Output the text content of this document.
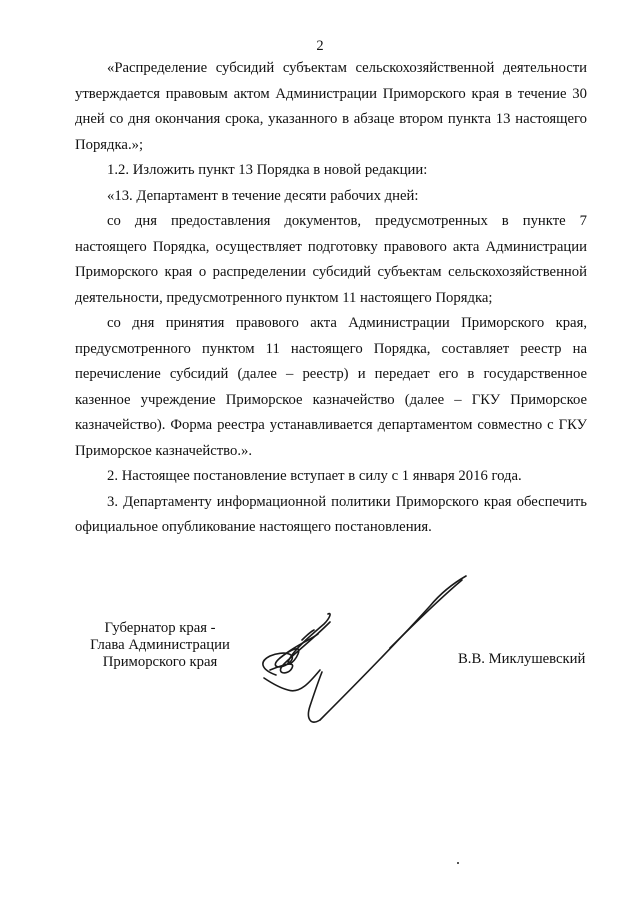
2

«Распределение субсидий субъектам сельскохозяйственной деятельности утверждается правовым актом Администрации Приморского края в течение 30 дней со дня окончания срока, указанного в абзаце втором пункта 13 настоящего Порядка.»;

1.2. Изложить пункт 13 Порядка в новой редакции:

«13. Департамент в течение десяти рабочих дней:

со дня предоставления документов, предусмотренных в пункте 7 настоящего Порядка, осуществляет подготовку правового акта Администрации Приморского края о распределении субсидий субъектам сельскохозяйственной деятельности, предусмотренного пунктом 11 настоящего Порядка;

со дня принятия правового акта Администрации Приморского края, предусмотренного пунктом 11 настоящего Порядка, составляет реестр на перечисление субсидий (далее – реестр) и передает его в государственное казенное учреждение Приморское казначейство (далее – ГКУ Приморское казначейство). Форма реестра устанавливается департаментом совместно с ГКУ Приморское казначейство.».

2. Настоящее постановление вступает в силу с 1 января 2016 года.

3. Департаменту информационной политики Приморского края обеспечить официальное опубликование настоящего постановления.

Губернатор края -
Глава Администрации
Приморского края	В.В. Миклушевский
